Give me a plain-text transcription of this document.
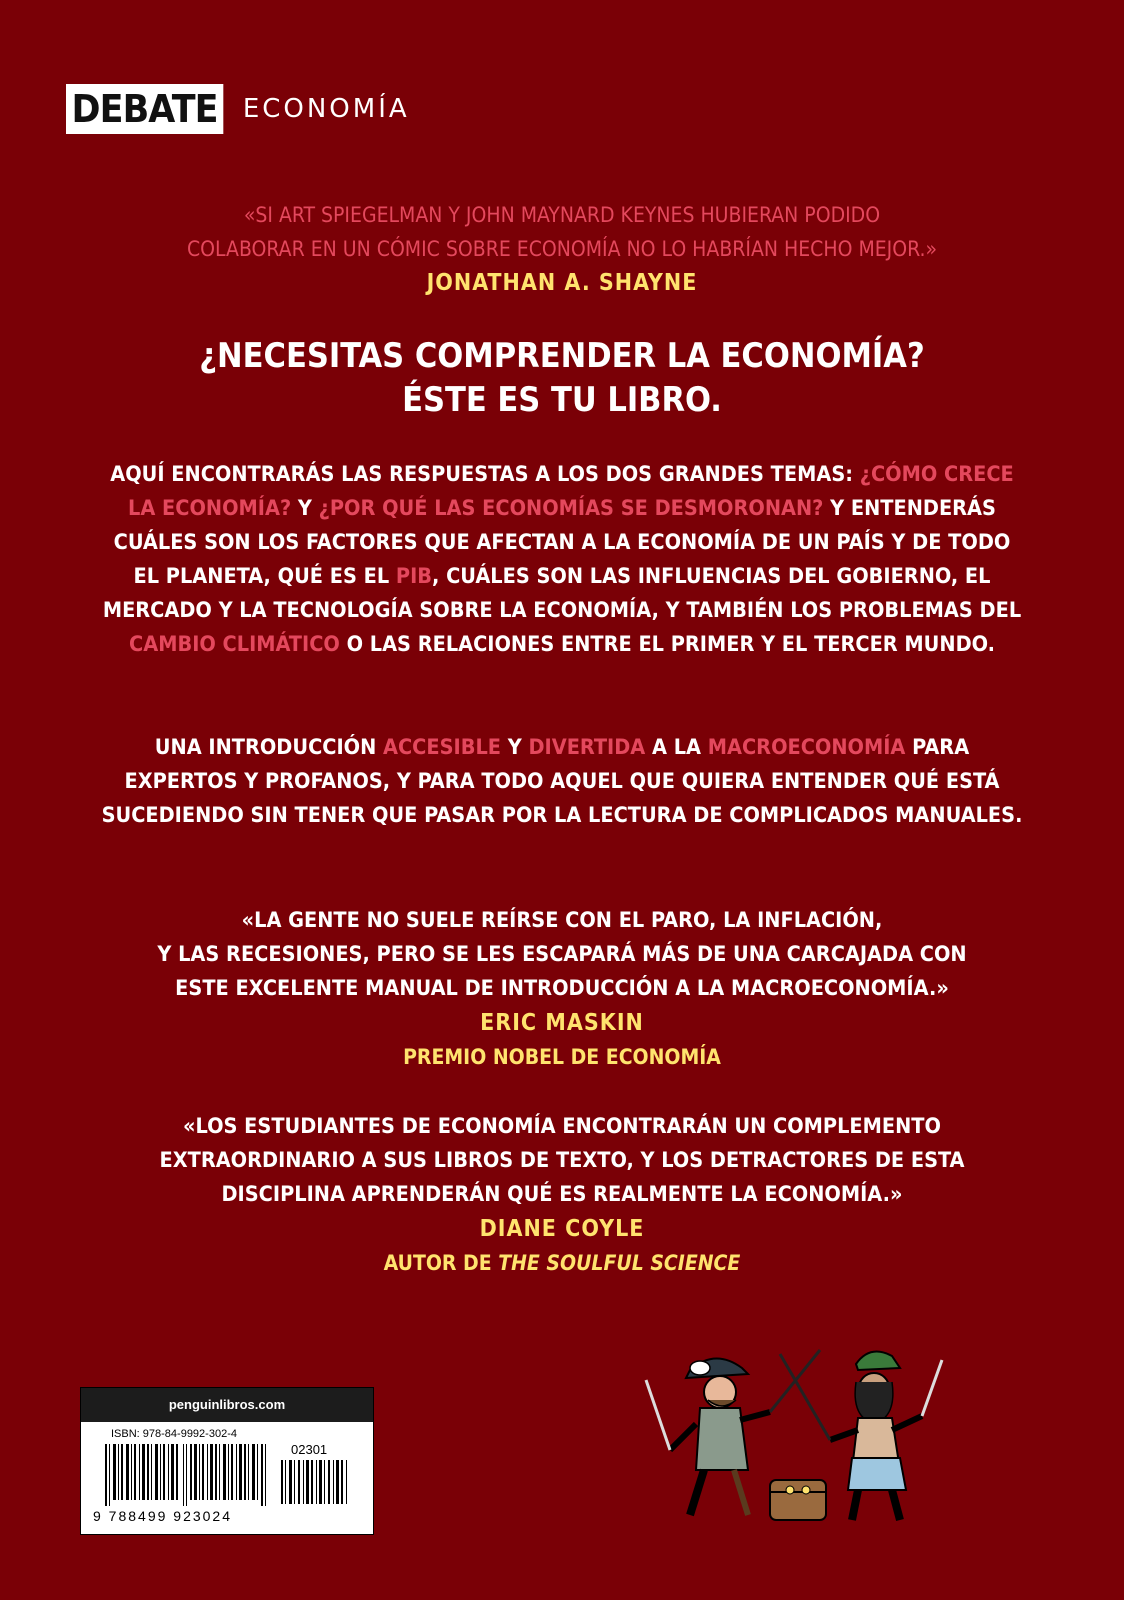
DEBATE ECONOMÍA
«SI ART SPIEGELMAN Y JOHN MAYNARD KEYNES HUBIERAN PODIDO
COLABORAR EN UN CÓMIC SOBRE ECONOMÍA NO LO HABRÍAN HECHO MEJOR.»
JONATHAN A. SHAYNE
¿NECESITAS COMPRENDER LA ECONOMÍA?
ÉSTE ES TU LIBRO.
AQUÍ ENCONTRARÁS LAS RESPUESTAS A LOS DOS GRANDES TEMAS: ¿CÓMO CRECE LA ECONOMÍA? Y ¿POR QUÉ LAS ECONOMÍAS SE DESMORONAN? Y ENTENDERÁS CUÁLES SON LOS FACTORES QUE AFECTAN A LA ECONOMÍA DE UN PAÍS Y DE TODO EL PLANETA, QUÉ ES EL PIB, CUÁLES SON LAS INFLUENCIAS DEL GOBIERNO, EL MERCADO Y LA TECNOLOGÍA SOBRE LA ECONOMÍA, Y TAMBIÉN LOS PROBLEMAS DEL CAMBIO CLIMÁTICO O LAS RELACIONES ENTRE EL PRIMER Y EL TERCER MUNDO.
UNA INTRODUCCIÓN ACCESIBLE Y DIVERTIDA A LA MACROECONOMÍA PARA EXPERTOS Y PROFANOS, Y PARA TODO AQUEL QUE QUIERA ENTENDER QUÉ ESTÁ SUCEDIENDO SIN TENER QUE PASAR POR LA LECTURA DE COMPLICADOS MANUALES.
«LA GENTE NO SUELE REÍRSE CON EL PARO, LA INFLACIÓN,
Y LAS RECESIONES, PERO SE LES ESCAPARÁ MÁS DE UNA CARCAJADA CON
ESTE EXCELENTE MANUAL DE INTRODUCCIÓN A LA MACROECONOMÍA.»
ERIC MASKIN
PREMIO NOBEL DE ECONOMÍA
«LOS ESTUDIANTES DE ECONOMÍA ENCONTRARÁN UN COMPLEMENTO
EXTRAORDINARIO A SUS LIBROS DE TEXTO, Y LOS DETRACTORES DE ESTA
DISCIPLINA APRENDERÁN QUÉ ES REALMENTE LA ECONOMÍA.»
DIANE COYLE
AUTOR DE THE SOULFUL SCIENCE
penguinlibros.com
ISBN: 978-84-9992-302-4
02301
9 788499 923024
